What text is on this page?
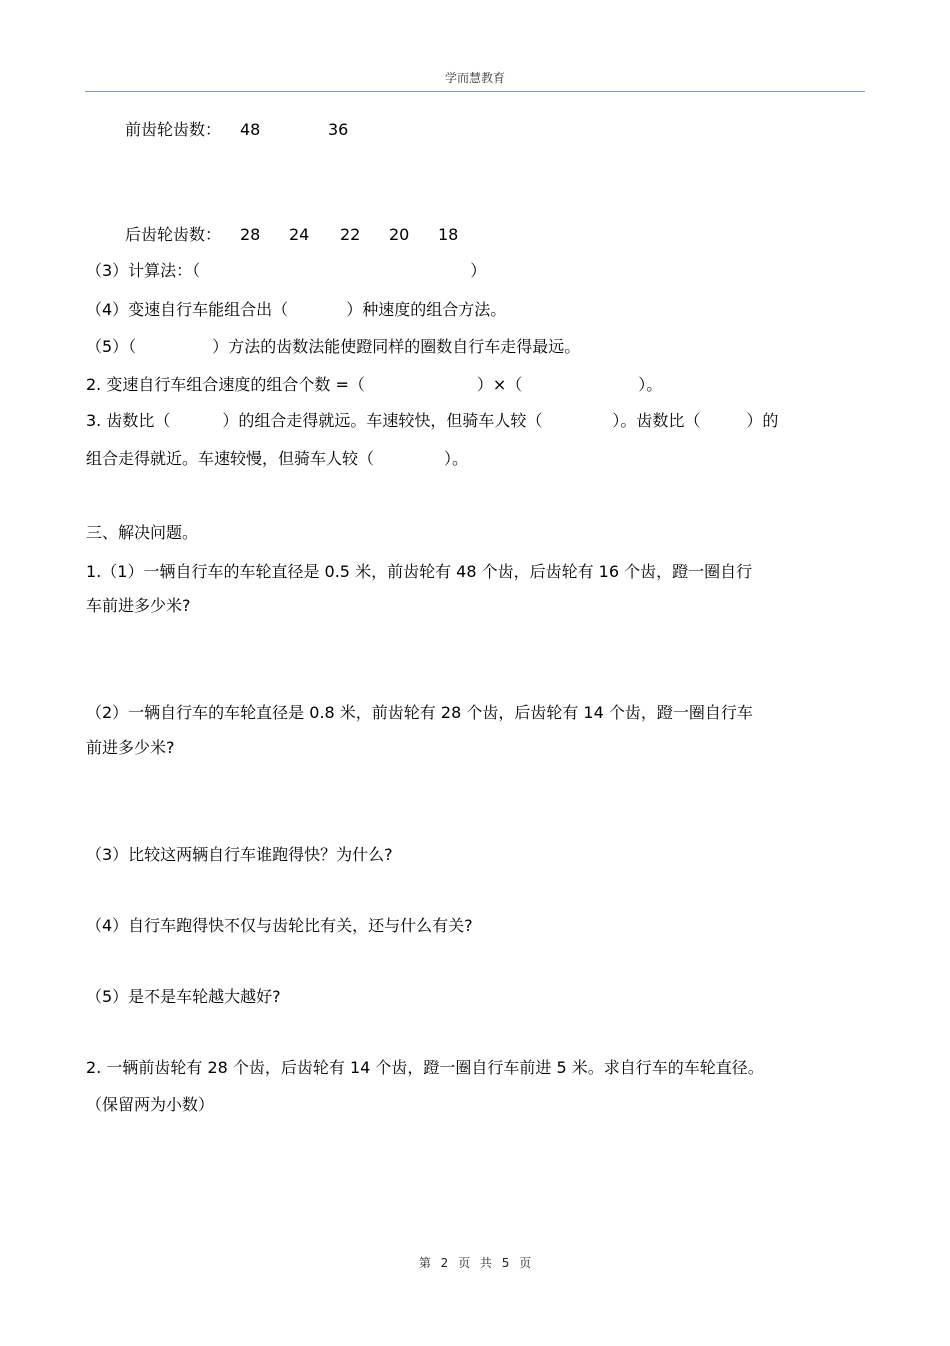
学而慧教育
前齿轮齿数： 48	36
后齿轮齿数： 28 24 22 20 18
（3）计算法：（	）
（4）变速自行车能组合出（	）种速度的组合方法。
（5）（	）方法的齿数法能使蹬同样的圈数自行车走得最远。
2. 变速自行车组合速度的组合个数 =（	）×（	）。
3. 齿数比（	）的组合走得就远。车速较快，但骑车人较（	）。齿数比（	）的
组合走得就近。车速较慢，但骑车人较（	）。
三、解决问题。
1.（1）一辆自行车的车轮直径是 0.5 米，前齿轮有 48 个齿，后齿轮有 16 个齿，蹬一圈自行
车前进多少米?
（2）一辆自行车的车轮直径是 0.8 米，前齿轮有 28 个齿，后齿轮有 14 个齿，蹬一圈自行车
前进多少米?
（3）比较这两辆自行车谁跑得快？为什么?
（4）自行车跑得快不仅与齿轮比有关，还与什么有关?
（5）是不是车轮越大越好?
2. 一辆前齿轮有 28 个齿，后齿轮有 14 个齿，蹬一圈自行车前进 5 米。求自行车的车轮直径。
（保留两为小数）
第 2 页 共 5 页
